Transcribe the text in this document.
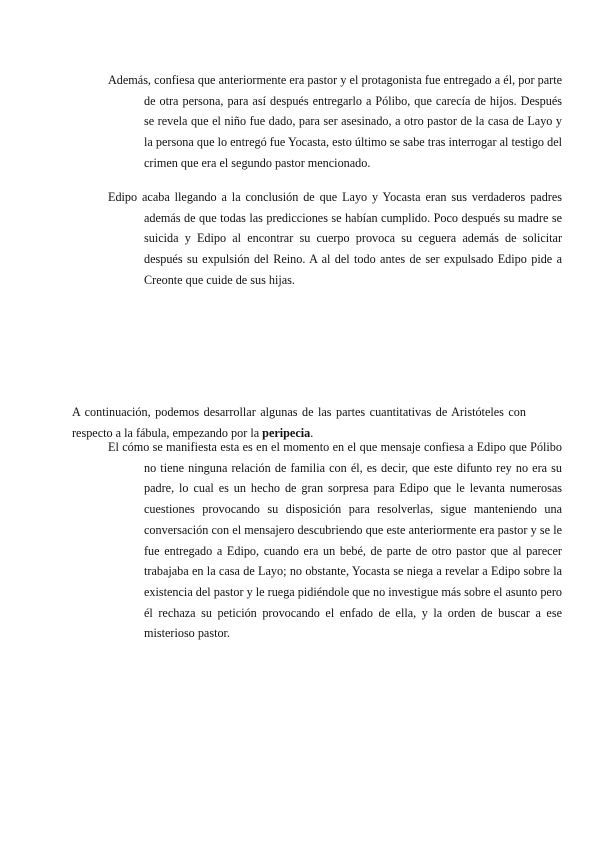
Además, confiesa que anteriormente era pastor y el protagonista fue entregado a él, por parte de otra persona, para así después entregarlo a Pólibo, que carecía de hijos. Después se revela que el niño fue dado, para ser asesinado, a otro pastor de la casa de Layo y la persona que lo entregó fue Yocasta, esto último se sabe tras interrogar al testigo del crimen que era el segundo pastor mencionado.

Edipo acaba llegando a la conclusión de que Layo y Yocasta eran sus verdaderos padres además de que todas las predicciones se habían cumplido. Poco después su madre se suicida y Edipo al encontrar su cuerpo provoca su ceguera además de solicitar después su expulsión del Reino. A al del todo antes de ser expulsado Edipo pide a Creonte que cuide de sus hijas.

A continuación, podemos desarrollar algunas de las partes cuantitativas de Aristóteles con respecto a la fábula, empezando por la peripecia.

El cómo se manifiesta esta es en el momento en el que mensaje confiesa a Edipo que Pólibo no tiene ninguna relación de familia con él, es decir, que este difunto rey no era su padre, lo cual es un hecho de gran sorpresa para Edipo que le levanta numerosas cuestiones provocando su disposición para resolverlas, sigue manteniendo una conversación con el mensajero descubriendo que este anteriormente era pastor y se le fue entregado a Edipo, cuando era un bebé, de parte de otro pastor que al parecer trabajaba en la casa de Layo; no obstante, Yocasta se niega a revelar a Edipo sobre la existencia del pastor y le ruega pidiéndole que no investigue más sobre el asunto pero él rechaza su petición provocando el enfado de ella, y la orden de buscar a ese misterioso pastor.
